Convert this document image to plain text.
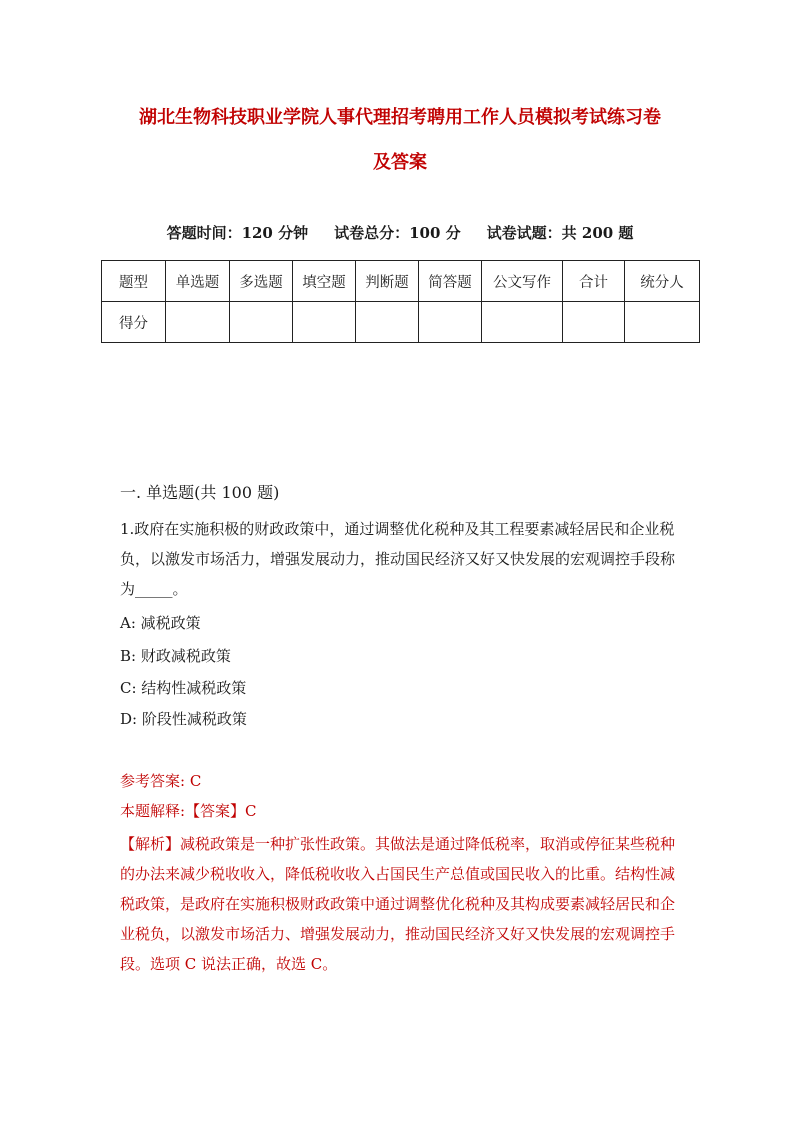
湖北生物科技职业学院人事代理招考聘用工作人员模拟考试练习卷
及答案
答题时间：120 分钟 试卷总分：100 分 试卷试题：共 200 题
题型	单选题	多选题	填空题	判断题	简答题	公文写作	合计	统分人
得分								
一. 单选题(共 100 题)
1.政府在实施积极的财政政策中，通过调整优化税种及其工程要素减轻居民和企业税负，以激发市场活力，增强发展动力，推动国民经济又好又快发展的宏观调控手段称为_____。
A: 减税政策
B: 财政减税政策
C: 结构性减税政策
D: 阶段性减税政策
参考答案: C
本题解释:【答案】C
【解析】减税政策是一种扩张性政策。其做法是通过降低税率，取消或停征某些税种的办法来减少税收收入，降低税收收入占国民生产总值或国民收入的比重。结构性减税政策，是政府在实施积极财政政策中通过调整优化税种及其构成要素减轻居民和企业税负，以激发市场活力、增强发展动力，推动国民经济又好又快发展的宏观调控手段。选项 C 说法正确，故选 C。
